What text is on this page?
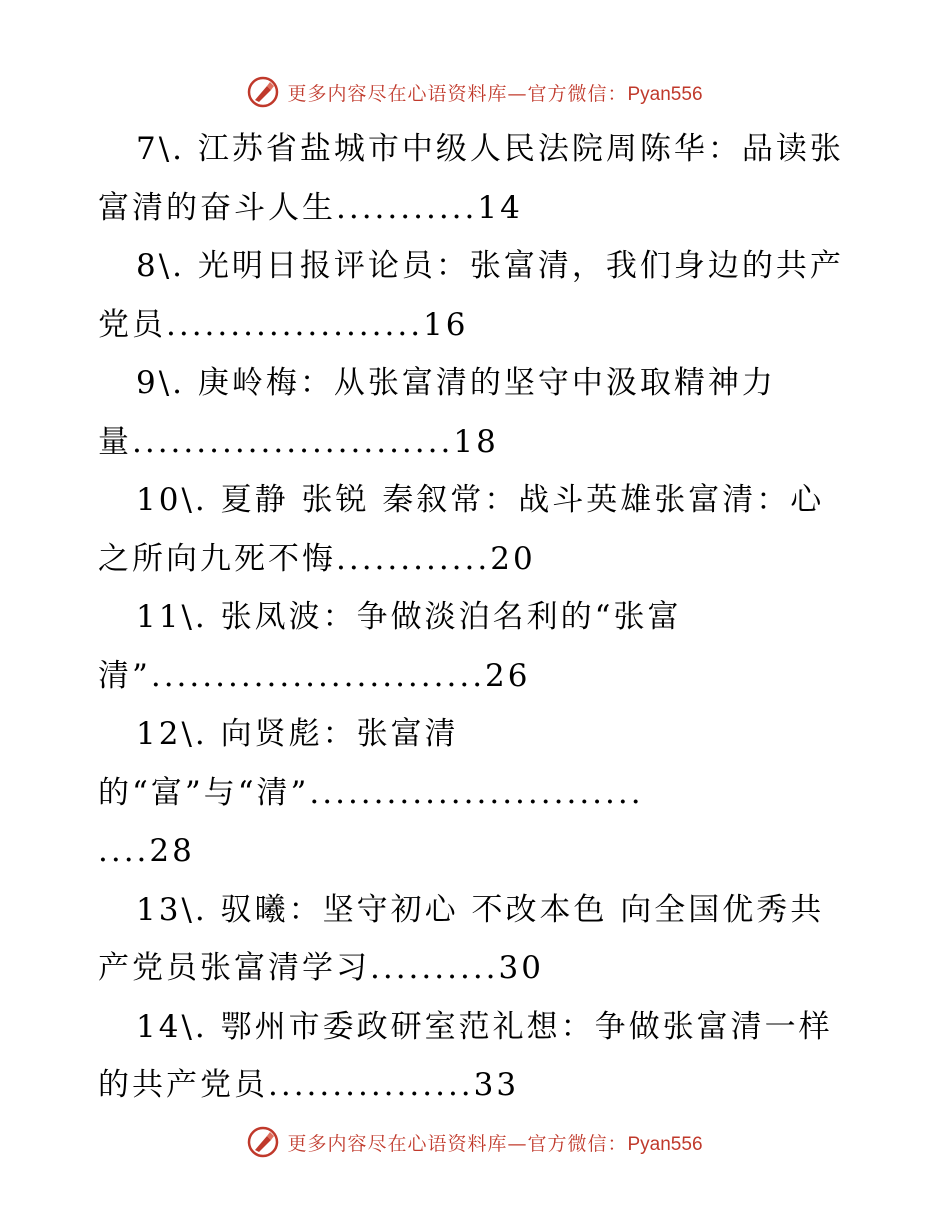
更多内容尽在心语资料库—官方微信：Pyan556
7\. 江苏省盐城市中级人民法院周陈华：品读张
富清的奋斗人生...........14
8\. 光明日报评论员：张富清，我们身边的共产
党员....................16
9\. 庚岭梅：从张富清的坚守中汲取精神力
量.........................18
10\. 夏静 张锐 秦叙常：战斗英雄张富清：心
之所向九死不悔............20
11\. 张凤波：争做淡泊名利的“张富
清”..........................26
12\. 向贤彪：张富清
的“富”与“清”..........................
....28
13\. 驭曦：坚守初心 不改本色 向全国优秀共
产党员张富清学习..........30
14\. 鄂州市委政研室范礼想：争做张富清一样
的共产党员................33
更多内容尽在心语资料库—官方微信：Pyan556
